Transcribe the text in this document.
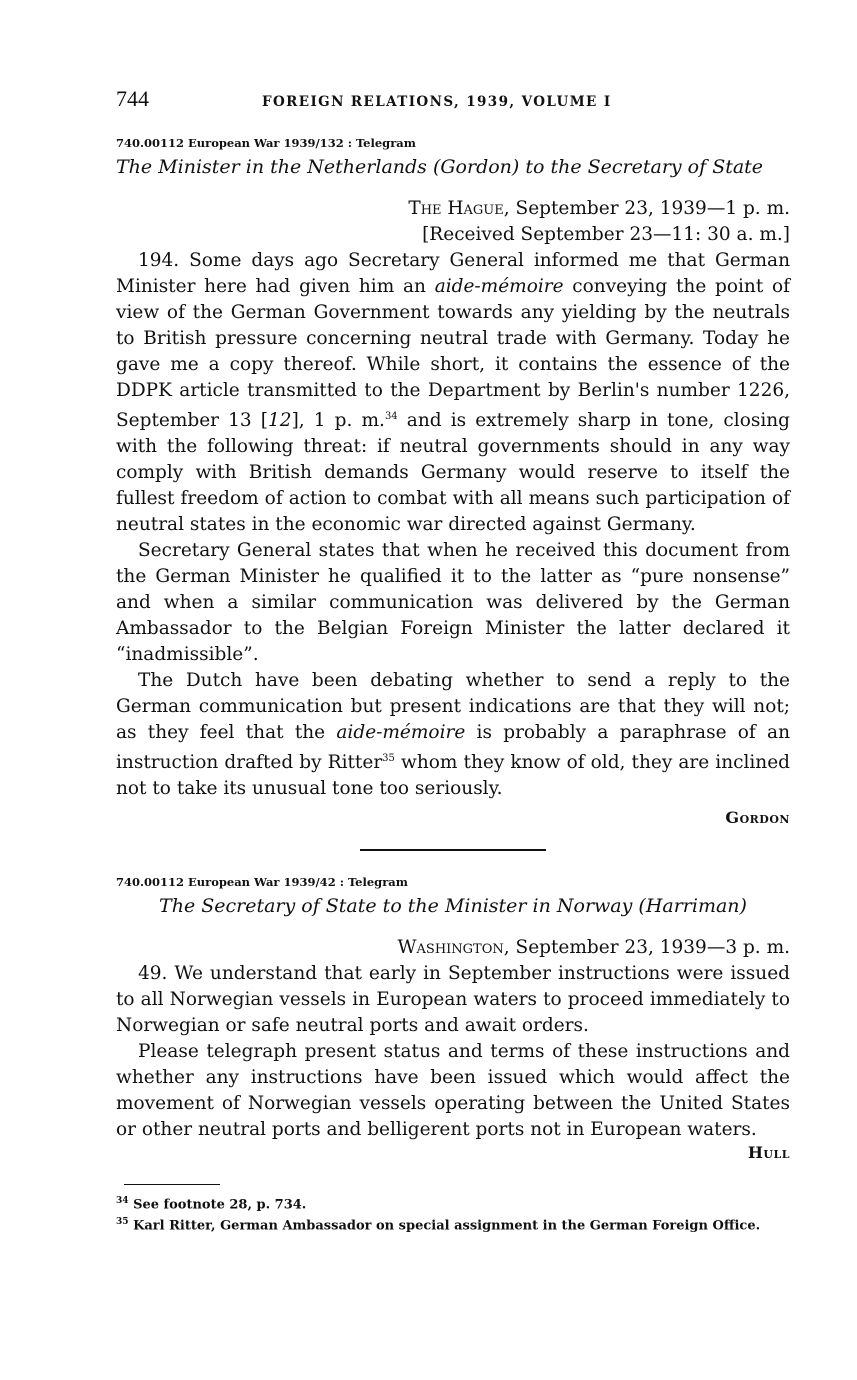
744	FOREIGN RELATIONS, 1939, VOLUME I
740.00112 European War 1939/132 : Telegram
The Minister in the Netherlands (Gordon) to the Secretary of State
The Hague, September 23, 1939—1 p. m.
[Received September 23—11: 30 a. m.]

194. Some days ago Secretary General informed me that German Minister here had given him an aide-mémoire conveying the point of view of the German Government towards any yielding by the neutrals to British pressure concerning neutral trade with Germany. Today he gave me a copy thereof. While short, it contains the essence of the DDPK article transmitted to the Department by Berlin's number 1226, September 13 [12], 1 p. m.$^{34}$ and is extremely sharp in tone, closing with the following threat: if neutral governments should in any way comply with British demands Germany would reserve to itself the fullest freedom of action to combat with all means such participation of neutral states in the economic war directed against Germany.

Secretary General states that when he received this document from the German Minister he qualified it to the latter as “pure nonsense” and when a similar communication was delivered by the German Ambassador to the Belgian Foreign Minister the latter declared it “inadmissible”.

The Dutch have been debating whether to send a reply to the German communication but present indications are that they will not; as they feel that the aide-mémoire is probably a paraphrase of an instruction drafted by Ritter$^{35}$ whom they know of old, they are inclined not to take its unusual tone too seriously.

Gordon
740.00112 European War 1939/42 : Telegram
The Secretary of State to the Minister in Norway (Harriman)
Washington, September 23, 1939—3 p. m.

49. We understand that early in September instructions were issued to all Norwegian vessels in European waters to proceed immediately to Norwegian or safe neutral ports and await orders.

Please telegraph present status and terms of these instructions and whether any instructions have been issued which would affect the movement of Norwegian vessels operating between the United States or other neutral ports and belligerent ports not in European waters.

Hull
$^{34}$ See footnote 28, p. 734.
$^{35}$ Karl Ritter, German Ambassador on special assignment in the German Foreign Office.
